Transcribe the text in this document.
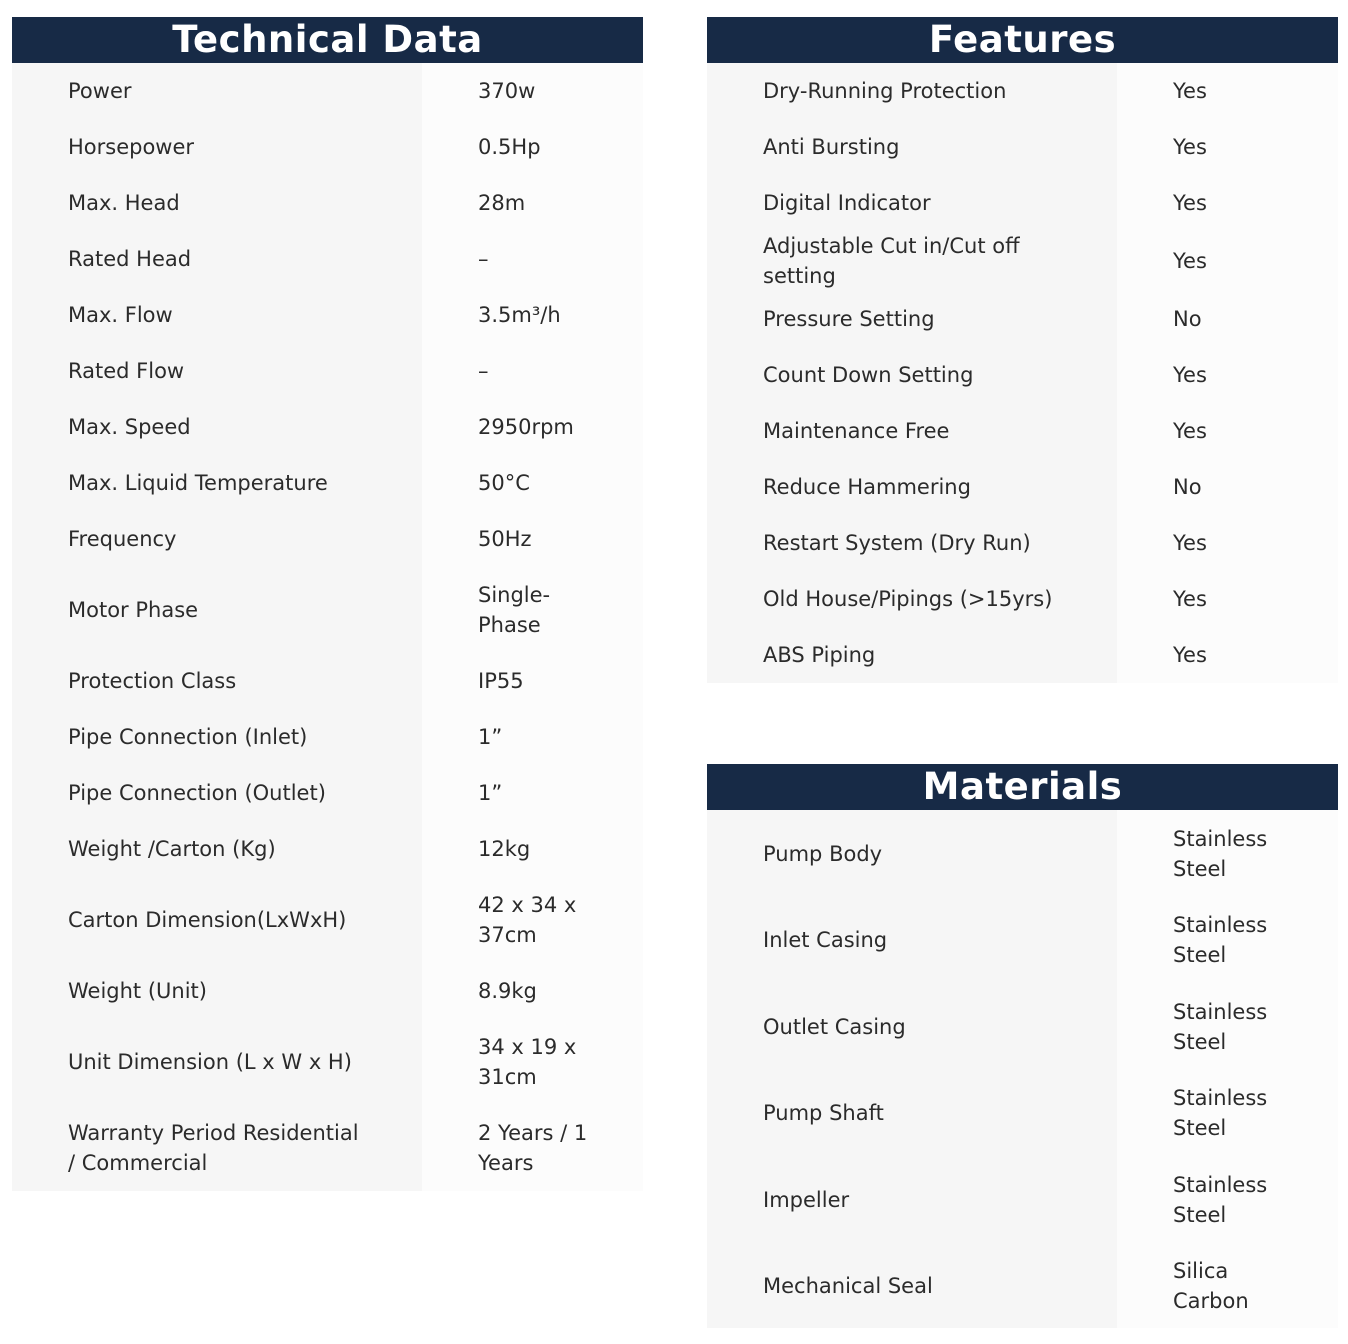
Technical Data
Power	370w
Horsepower	0.5Hp
Max. Head	28m
Rated Head	–
Max. Flow	3.5m³/h
Rated Flow	–
Max. Speed	2950rpm
Max. Liquid Temperature	50°C
Frequency	50Hz
Motor Phase	Single-Phase
Protection Class	IP55
Pipe Connection (Inlet)	1”
Pipe Connection (Outlet)	1”
Weight /Carton (Kg)	12kg
Carton Dimension(LxWxH)	42 x 34 x 37cm
Weight (Unit)	8.9kg
Unit Dimension (L x W x H)	34 x 19 x 31cm
Warranty Period Residential / Commercial	2 Years / 1 Years
Features
Dry-Running Protection	Yes
Anti Bursting	Yes
Digital Indicator	Yes
Adjustable Cut in/Cut off setting	Yes
Pressure Setting	No
Count Down Setting	Yes
Maintenance Free	Yes
Reduce Hammering	No
Restart System (Dry Run)	Yes
Old House/Pipings (>15yrs)	Yes
ABS Piping	Yes
Materials
Pump Body	Stainless Steel
Inlet Casing	Stainless Steel
Outlet Casing	Stainless Steel
Pump Shaft	Stainless Steel
Impeller	Stainless Steel
Mechanical Seal	Silica Carbon
